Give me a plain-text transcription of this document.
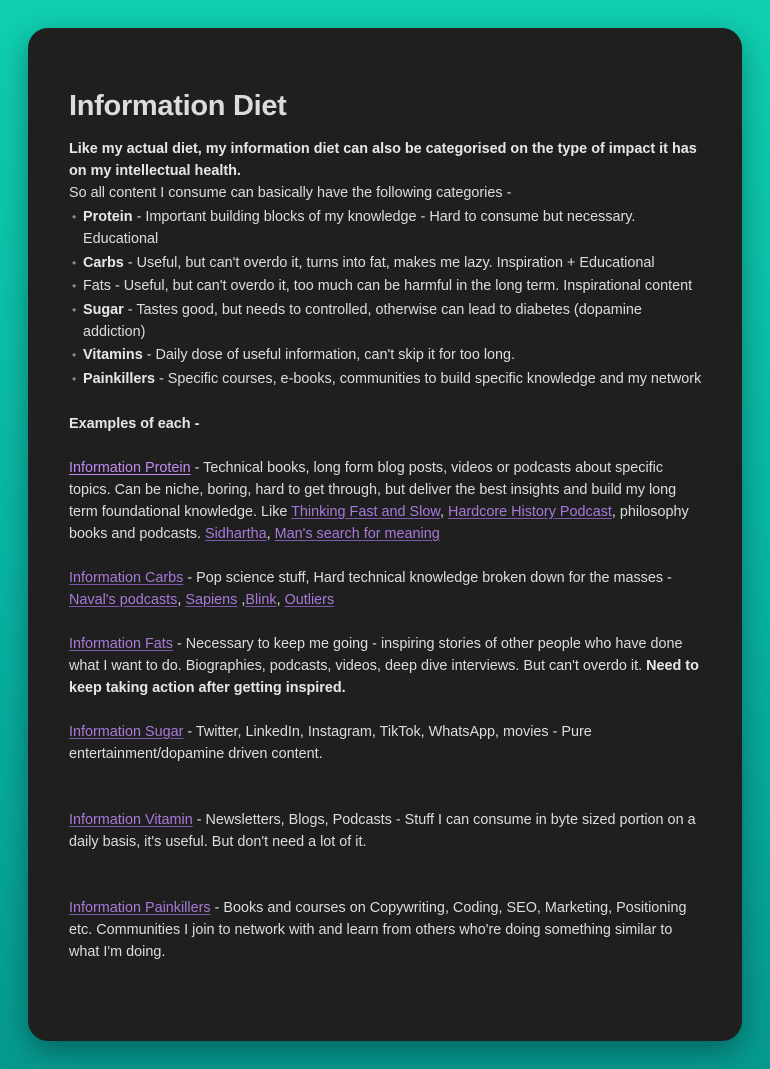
· · · ·
Information Diet

Like my actual diet, my information diet can also be categorised on the type of impact it has on my intellectual health.

So all content I consume can basically have the following categories -

• Protein - Important building blocks of my knowledge - Hard to consume but necessary. Educational
• Carbs - Useful, but can't overdo it, turns into fat, makes me lazy. Inspiration + Educational
• Fats - Useful, but can't overdo it, too much can be harmful in the long term. Inspirational content
• Sugar - Tastes good, but needs to controlled, otherwise can lead to diabetes (dopamine addiction)
• Vitamins - Daily dose of useful information, can't skip it for too long.
• Painkillers - Specific courses, e-books, communities to build specific knowledge and my network

Examples of each -

Information Protein - Technical books, long form blog posts, videos or podcasts about specific topics. Can be niche, boring, hard to get through, but deliver the best insights and build my long term foundational knowledge. Like Thinking Fast and Slow, Hardcore History Podcast, philosophy books and podcasts. Sidhartha, Man's search for meaning

Information Carbs - Pop science stuff, Hard technical knowledge broken down for the masses - Naval's podcasts, Sapiens ,Blink, Outliers

Information Fats - Necessary to keep me going - inspiring stories of other people who have done what I want to do. Biographies, podcasts, videos, deep dive interviews. But can't overdo it. Need to keep taking action after getting inspired.

Information Sugar - Twitter, LinkedIn, Instagram, TikTok, WhatsApp, movies - Pure entertainment/dopamine driven content.

Information Vitamin - Newsletters, Blogs, Podcasts - Stuff I can consume in byte sized portion on a daily basis, it's useful. But don't need a lot of it.

Information Painkillers - Books and courses on Copywriting, Coding, SEO, Marketing, Positioning etc. Communities I join to network with and learn from others who're doing something similar to what I'm doing.
